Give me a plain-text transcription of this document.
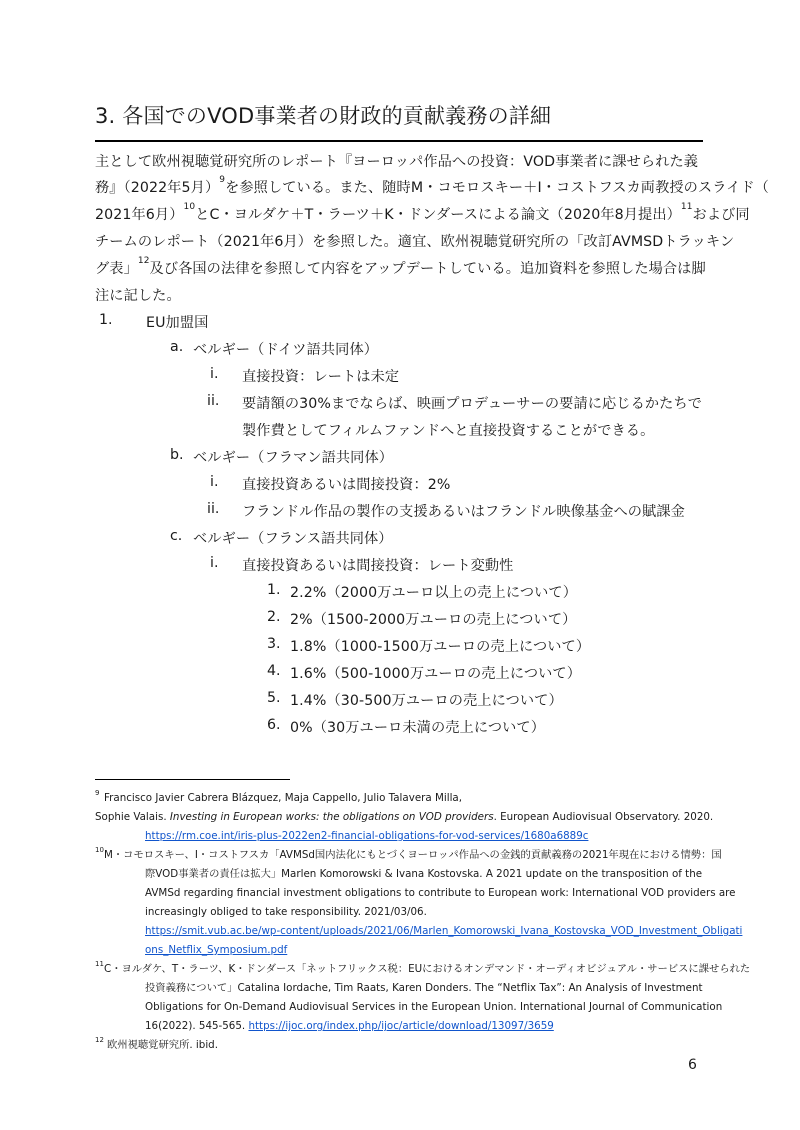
3. 各国でのVOD事業者の財政的貢献義務の詳細
主として欧州視聴覚研究所のレポート『ヨーロッパ作品への投資：VOD事業者に課せられた義
務』（2022年5月）$^9$を参照している。また、随時M・コモロスキー＋I・コストフスカ両教授のスライド（
2021年6月）$^{10}$とC・ヨルダケ＋T・ラーツ＋K・ドンダースによる論文（2020年8月提出）$^{11}$および同
チームのレポート（2021年6月）を参照した。適宜、欧州視聴覚研究所の「改訂AVMSDトラッキン
グ表」$^{12}$及び各国の法律を参照して内容をアップデートしている。追加資料を参照した場合は脚
注に記した。
1. EU加盟国
a. ベルギー（ドイツ語共同体）
i. 直接投資：レートは未定
ii. 要請額の30%までならば、映画プロデューサーの要請に応じるかたちで
製作費としてフィルムファンドへと直接投資することができる。
b. ベルギー（フラマン語共同体）
i. 直接投資あるいは間接投資：2%
ii. フランドル作品の製作の支援あるいはフランドル映像基金への賦課金
c. ベルギー（フランス語共同体）
i. 直接投資あるいは間接投資：レート変動性
1. 2.2%（2000万ユーロ以上の売上について）
2. 2%（1500-2000万ユーロの売上について）
3. 1.8%（1000-1500万ユーロの売上について）
4. 1.6%（500-1000万ユーロの売上について）
5. 1.4%（30-500万ユーロの売上について）
6. 0%（30万ユーロ未満の売上について）
9 Francisco Javier Cabrera Blázquez, Maja Cappello, Julio Talavera Milla,
Sophie Valais. Investing in European works: the obligations on VOD providers. European Audiovisual Observatory. 2020.
https://rm.coe.int/iris-plus-2022en2-financial-obligations-for-vod-services/1680a6889c
10 M・コモロスキー、I・コストフスカ「AVMSd国内法化にもとづくヨーロッパ作品への金銭的貢献義務の2021年現在における情勢：国
際VOD事業者の責任は拡大」Marlen Komorowski & Ivana Kostovska. A 2021 update on the transposition of the
AVMSd regarding financial investment obligations to contribute to European work: International VOD providers are
increasingly obliged to take responsibility. 2021/03/06.
https://smit.vub.ac.be/wp-content/uploads/2021/06/Marlen_Komorowski_Ivana_Kostovska_VOD_Investment_Obligati
ons_Netflix_Symposium.pdf
11 C・ヨルダケ、T・ラーツ、K・ドンダース「ネットフリックス税：EUにおけるオンデマンド・オーディオビジュアル・サービスに課せられた
投資義務について」Catalina Iordache, Tim Raats, Karen Donders. The “Netflix Tax”: An Analysis of Investment
Obligations for On-Demand Audiovisual Services in the European Union. International Journal of Communication
16(2022). 545-565. https://ijoc.org/index.php/ijoc/article/download/13097/3659
12 欧州視聴覚研究所. ibid.
6
